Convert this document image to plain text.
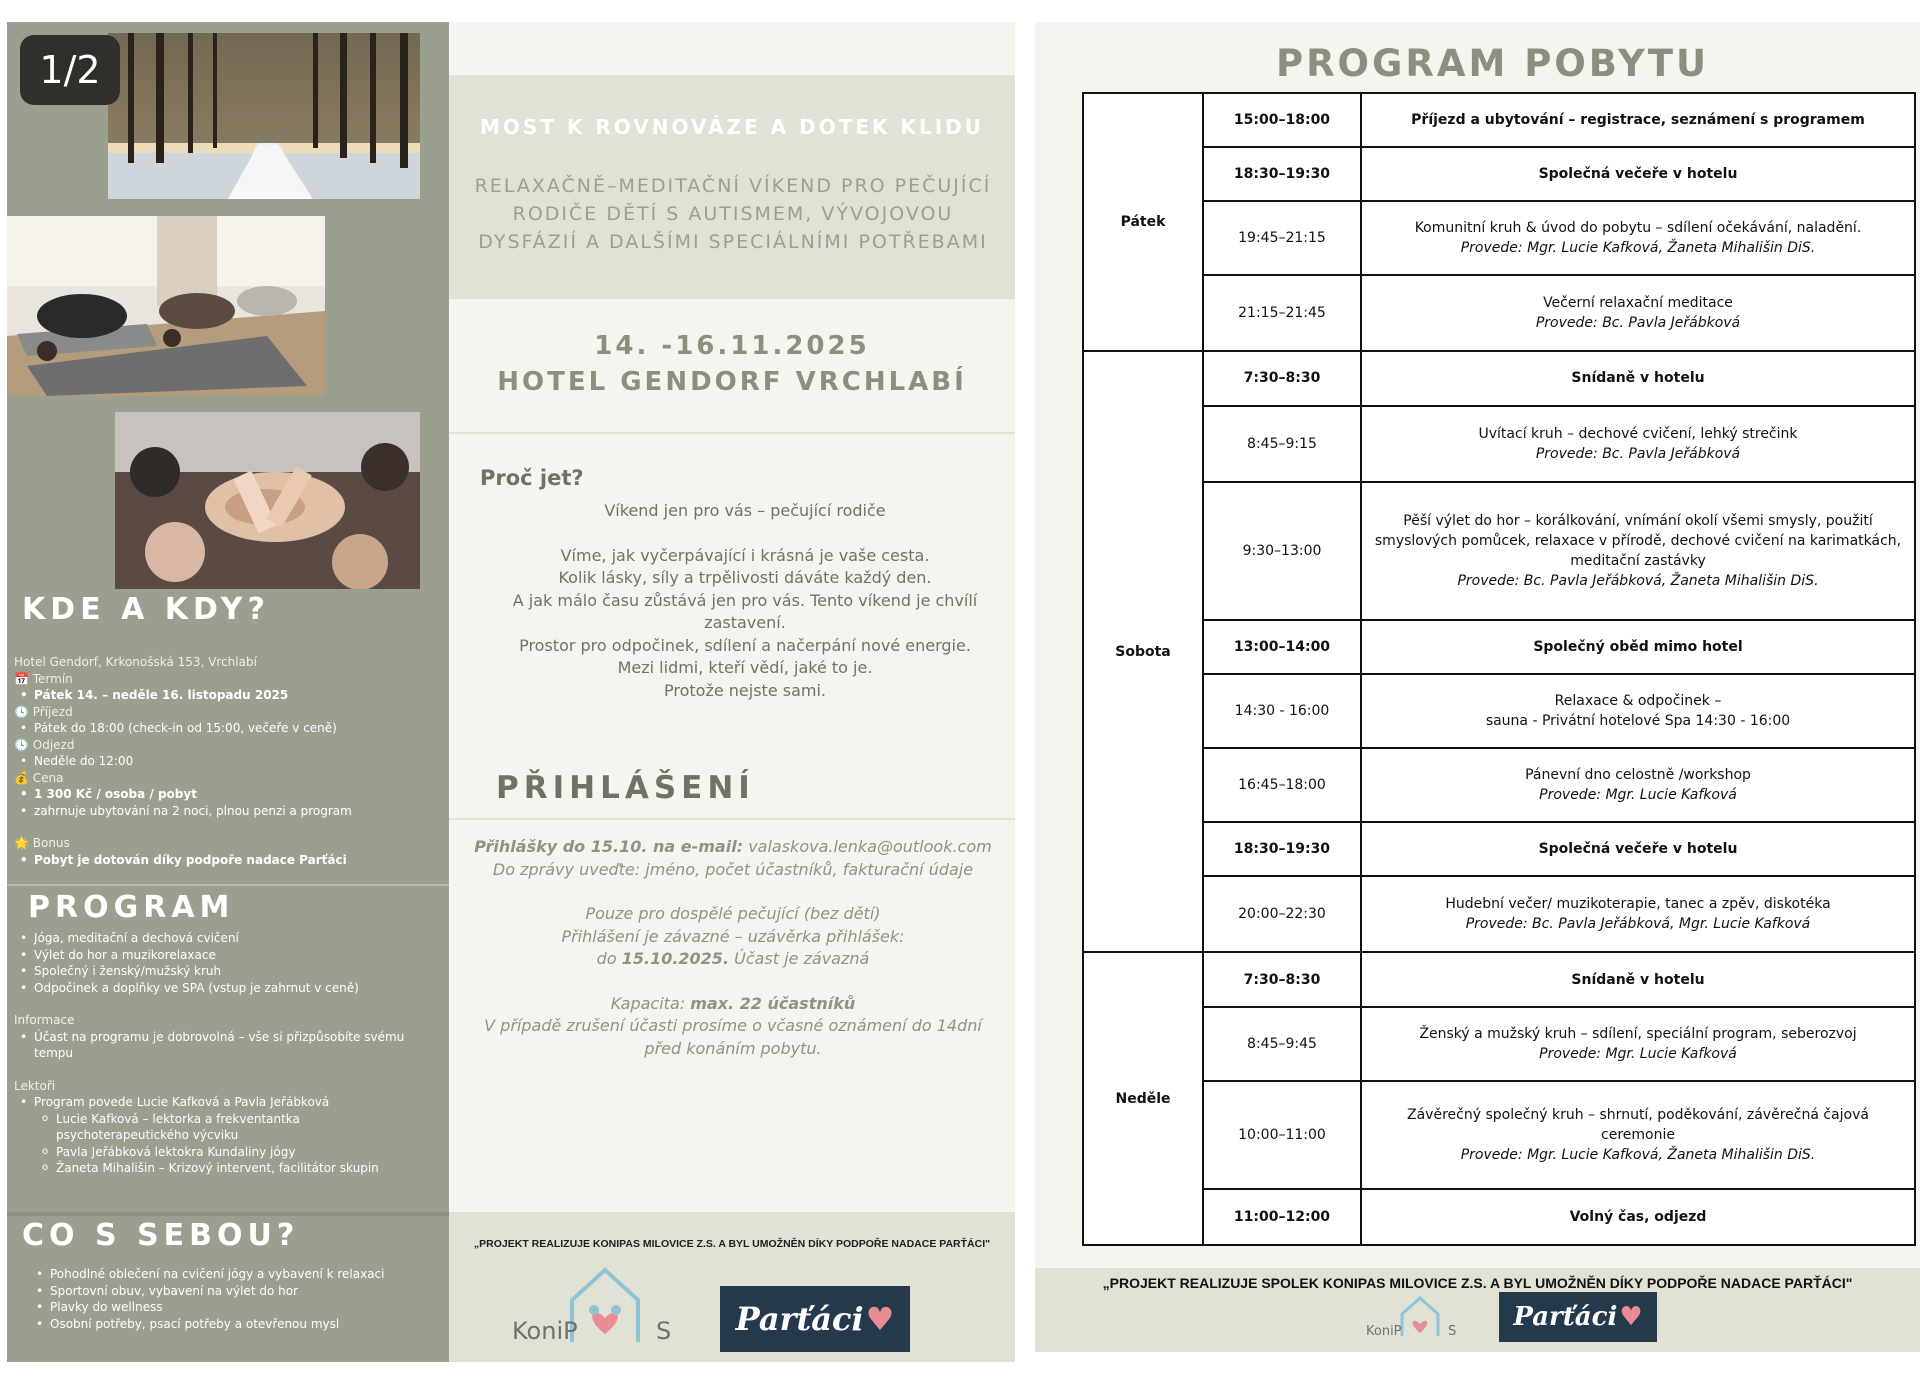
1/2
KDE A KDY?
Hotel Gendorf, Krkonošská 153, Vrchlabí
📅 Termín
• Pátek 14. – neděle 16. listopadu 2025
🕓 Příjezd
• Pátek do 18:00 (check-in od 15:00, večeře v ceně)
🕓 Odjezd
• Neděle do 12:00
💰 Cena
• 1 300 Kč / osoba / pobyt
• zahrnuje ubytování na 2 noci, plnou penzi a program
🌟 Bonus
• Pobyt je dotován díky podpoře nadace Parťáci
PROGRAM
• Jóga, meditační a dechová cvičení
• Výlet do hor a muzikorelaxace
• Společný i ženský/mužský kruh
• Odpočinek a doplňky ve SPA (vstup je zahrnut v ceně)
Informace
• Účast na programu je dobrovolná – vše si přizpůsobíte svému tempu
Lektoři
• Program povede Lucie Kafková a Pavla Jeřábková
o Lucie Kafková – lektorka a frekventantka psychoterapeutického výcviku
o Pavla Jeřábková lektokra Kundaliny jógy
o Žaneta Mihališin – Krizový intervent, facilitátor skupin
CO S SEBOU?
• Pohodlné oblečení na cvičení jógy a vybavení k relaxaci
• Sportovní obuv, vybavení na výlet do hor
• Plavky do wellness
• Osobní potřeby, psací potřeby a otevřenou mysl
MOST K ROVNOVÁZE A DOTEK KLIDU
RELAXAČNĚ–MEDITAČNÍ VÍKEND PRO PEČUJÍCÍ
RODIČE DĚTÍ S AUTISMEM, VÝVOJOVOU
DYSFÁZIÍ A DALŠÍMI SPECIÁLNÍMI POTŘEBAMI
14. -16.11.2025
HOTEL GENDORF VRCHLABÍ
Proč jet?
Víkend jen pro vás – pečující rodiče
Víme, jak vyčerpávající i krásná je vaše cesta.
Kolik lásky, síly a trpělivosti dáváte každý den.
A jak málo času zůstává jen pro vás. Tento víkend je chvílí zastavení.
Prostor pro odpočinek, sdílení a načerpání nové energie.
Mezi lidmi, kteří vědí, jaké to je.
Protože nejste sami.
PŘIHLÁŠENÍ
Přihlášky do 15.10. na e-mail: valaskova.lenka@outlook.com
Do zprávy uveďte: jméno, počet účastníků, fakturační údaje
Pouze pro dospělé pečující (bez dětí)
Přihlášení je závazné – uzávěrka přihlášek:
do 15.10.2025. Účast je závazná
Kapacita: max. 22 účastníků
V případě zrušení účasti prosíme o včasné oznámení do 14dní před konáním pobytu.
„PROJEKT REALIZUJE KONIPAS MILOVICE Z.S. A BYL UMOŽNĚN DÍKY PODPOŘE NADACE PARŤÁCI"
KoniP	S Parťáci ♥
PROGRAM POBYTU
Pátek	15:00–18:00	Příjezd a ubytování – registrace, seznámení s programem
	18:30–19:30	Společná večeře v hotelu
	19:45–21:15	Komunitní kruh & úvod do pobytu – sdílení očekávání, naladění.
Provede: Mgr. Lucie Kafková, Žaneta Mihališin DiS.

	21:15–21:45	Večerní relaxační meditace
Provede: Bc. Pavla Jeřábková

Sobota	7:30–8:30	Snídaně v hotelu
	8:45–9:15	Uvítací kruh – dechové cvičení, lehký strečink
Provede: Bc. Pavla Jeřábková

	9:30–13:00	Pěší výlet do hor – korálkování, vnímání okolí všemi smysly, použití smyslových pomůcek, relaxace v přírodě, dechové cvičení na karimatkách, meditační zastávky
Provede: Bc. Pavla Jeřábková, Žaneta Mihališin DiS.

	13:00–14:00	Společný oběd mimo hotel
	14:30 - 16:00	Relaxace & odpočinek –
sauna - Privátní hotelové Spa 14:30 - 16:00

	16:45–18:00	Pánevní dno celostně /workshop
Provede: Mgr. Lucie Kafková

	18:30–19:30	Společná večeře v hotelu
	20:00–22:30	Hudební večer/ muzikoterapie, tanec a zpěv, diskotéka
Provede: Bc. Pavla Jeřábková, Mgr. Lucie Kafková

Neděle	7:30–8:30	Snídaně v hotelu
	8:45–9:45	Ženský a mužský kruh – sdílení, speciální program, seberozvoj
Provede: Mgr. Lucie Kafková

	10:00–11:00	Závěrečný společný kruh – shrnutí, poděkování, závěrečná čajová ceremonie
Provede: Mgr. Lucie Kafková, Žaneta Mihališin DiS.

	11:00–12:00	Volný čas, odjezd
„PROJEKT REALIZUJE SPOLEK KONIPAS MILOVICE Z.S. A BYL UMOŽNĚN DÍKY PODPOŘE NADACE PARŤÁCI"
KoniP	S Parťáci ♥
